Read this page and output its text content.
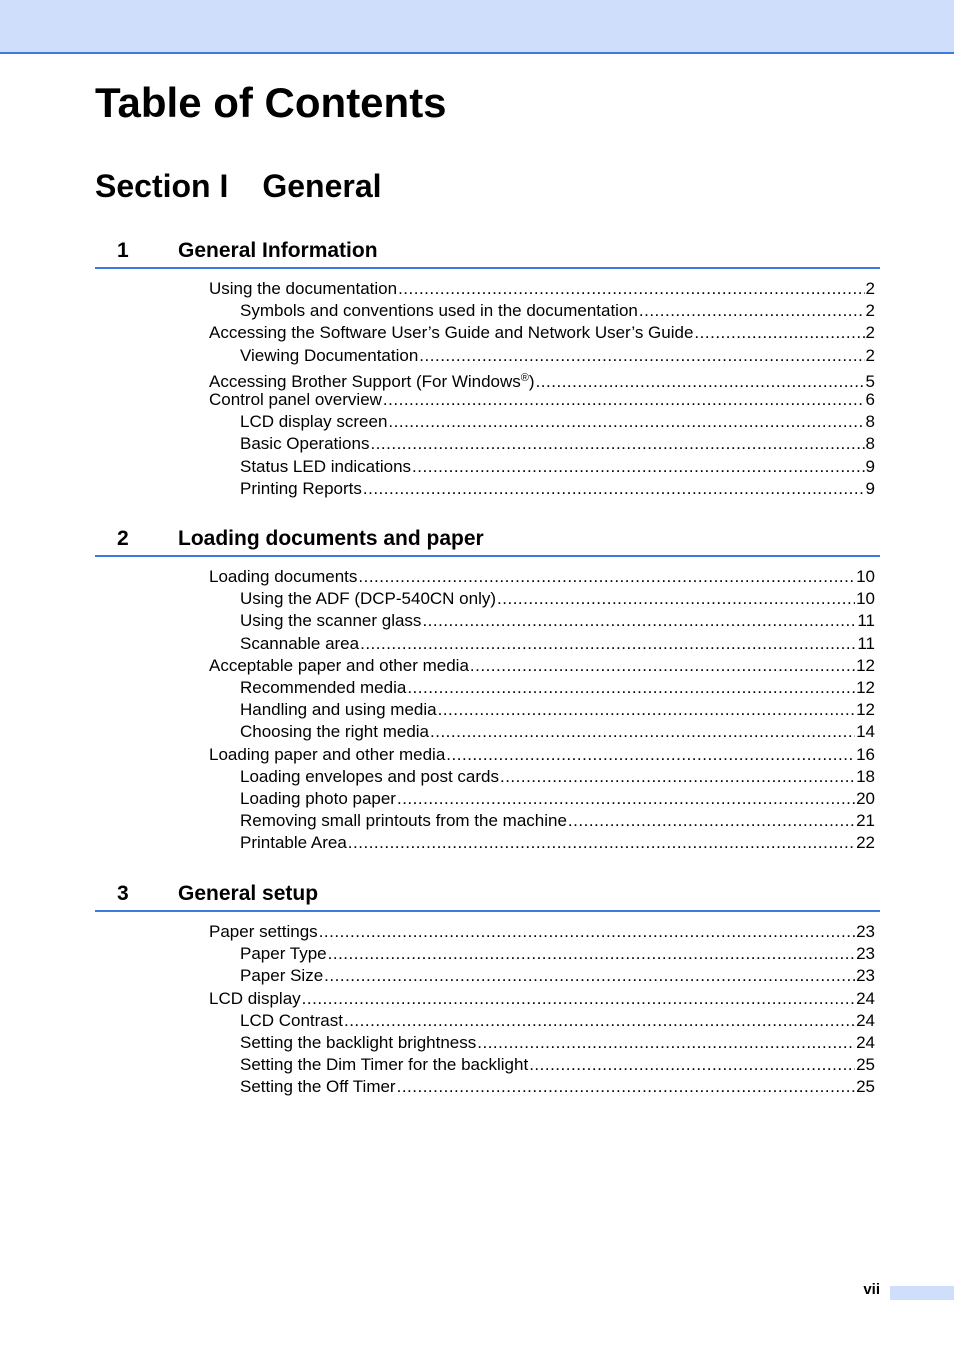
Table of Contents
Section I General
1 General Information
Using the documentation .....	2
Symbols and conventions used in the documentation .....	2
Accessing the Software User’s Guide and Network User’s Guide .....	2
Viewing Documentation .....	2
Accessing Brother Support (For Windows®) .....	5
Control panel overview .....	6
LCD display screen .....	8
Basic Operations .....	8
Status LED indications .....	9
Printing Reports .....	9
2 Loading documents and paper
Loading documents .....	10
Using the ADF (DCP-540CN only) .....	10
Using the scanner glass .....	11
Scannable area .....	11
Acceptable paper and other media .....	12
Recommended media .....	12
Handling and using media .....	12
Choosing the right media .....	14
Loading paper and other media .....	16
Loading envelopes and post cards .....	18
Loading photo paper .....	20
Removing small printouts from the machine .....	21
Printable Area .....	22
3 General setup
Paper settings .....	23
Paper Type .....	23
Paper Size .....	23
LCD display .....	24
LCD Contrast .....	24
Setting the backlight brightness .....	24
Setting the Dim Timer for the backlight .....	25
Setting the Off Timer .....	25
vii
